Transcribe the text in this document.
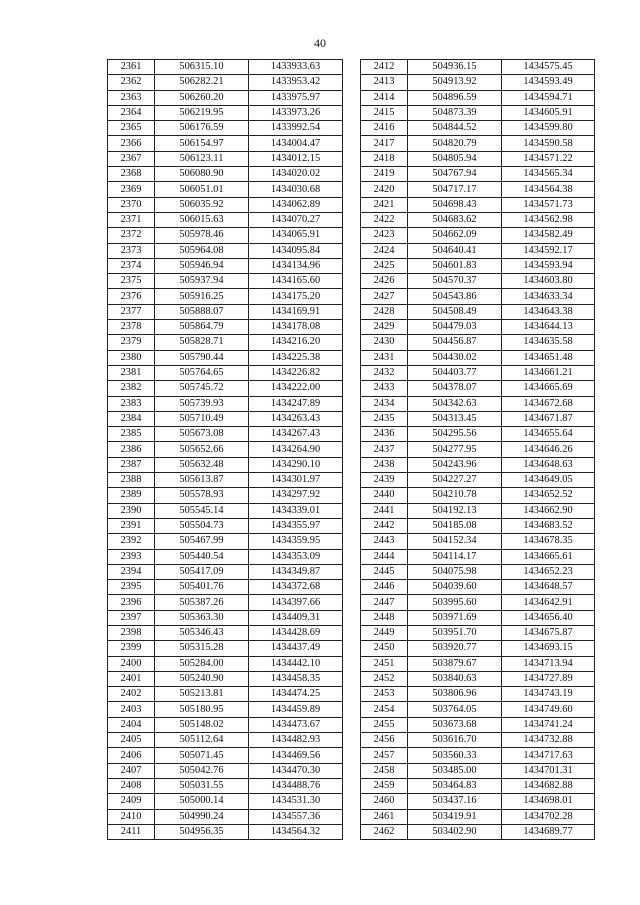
40
2361	506315.10	1433933.63
2362	506282.21	1433953.42
2363	506260.20	1433975.97
2364	506219.95	1433973.26
2365	506176.59	1433992.54
2366	506154.97	1434004.47
2367	506123.11	1434012.15
2368	506080.90	1434020.02
2369	506051.01	1434030.68
2370	506035.92	1434062.89
2371	506015.63	1434070.27
2372	505978.46	1434065.91
2373	505964.08	1434095.84
2374	505946.94	1434134.96
2375	505937.94	1434165.60
2376	505916.25	1434175.20
2377	505888.07	1434169.91
2378	505864.79	1434178.08
2379	505828.71	1434216.20
2380	505790.44	1434225.38
2381	505764.65	1434226.82
2382	505745.72	1434222.00
2383	505739.93	1434247.89
2384	505710.49	1434263.43
2385	505673.08	1434267.43
2386	505652.66	1434264.90
2387	505632.48	1434290.10
2388	505613.87	1434301.97
2389	505578.93	1434297.92
2390	505545.14	1434339.01
2391	505504.73	1434355.97
2392	505467.99	1434359.95
2393	505440.54	1434353.09
2394	505417.09	1434349.87
2395	505401.76	1434372.68
2396	505387.26	1434397.66
2397	505363.30	1434409.31
2398	505346.43	1434428.69
2399	505315.28	1434437.49
2400	505284.00	1434442.10
2401	505240.90	1434458.35
2402	505213.81	1434474.25
2403	505180.95	1434459.89
2404	505148.02	1434473.67
2405	505112.64	1434482.93
2406	505071.45	1434469.56
2407	505042.76	1434470.30
2408	505031.55	1434488.76
2409	505000.14	1434531.30
2410	504990.24	1434557.36
2411	504956.35	1434564.32
2412	504936.15	1434575.45
2413	504913.92	1434593.49
2414	504896.59	1434594.71
2415	504873.39	1434605.91
2416	504844.52	1434599.80
2417	504820.79	1434590.58
2418	504805.94	1434571.22
2419	504767.94	1434565.34
2420	504717.17	1434564.38
2421	504698.43	1434571.73
2422	504683.62	1434562.98
2423	504662.09	1434582.49
2424	504640.41	1434592.17
2425	504601.83	1434593.94
2426	504570.37	1434603.80
2427	504543.86	1434633.34
2428	504508.49	1434643.38
2429	504479.03	1434644.13
2430	504456.87	1434635.58
2431	504430.02	1434651.48
2432	504403.77	1434661.21
2433	504378.07	1434665.69
2434	504342.63	1434672.68
2435	504313.45	1434671.87
2436	504295.56	1434655.64
2437	504277.95	1434646.26
2438	504243.96	1434648.63
2439	504227.27	1434649.05
2440	504210.78	1434652.52
2441	504192.13	1434662.90
2442	504185.08	1434683.52
2443	504152.34	1434678.35
2444	504114.17	1434665.61
2445	504075.98	1434652.23
2446	504039.60	1434648.57
2447	503995.60	1434642.91
2448	503971.69	1434656.40
2449	503951.70	1434675.87
2450	503920.77	1434693.15
2451	503879.67	1434713.94
2452	503840.63	1434727.89
2453	503806.96	1434743.19
2454	503764.05	1434749.60
2455	503673.68	1434741.24
2456	503616.70	1434732.88
2457	503560.33	1434717.63
2458	503485.00	1434701.31
2459	503464.83	1434682.88
2460	503437.16	1434698.01
2461	503419.91	1434702.28
2462	503402.90	1434689.77
